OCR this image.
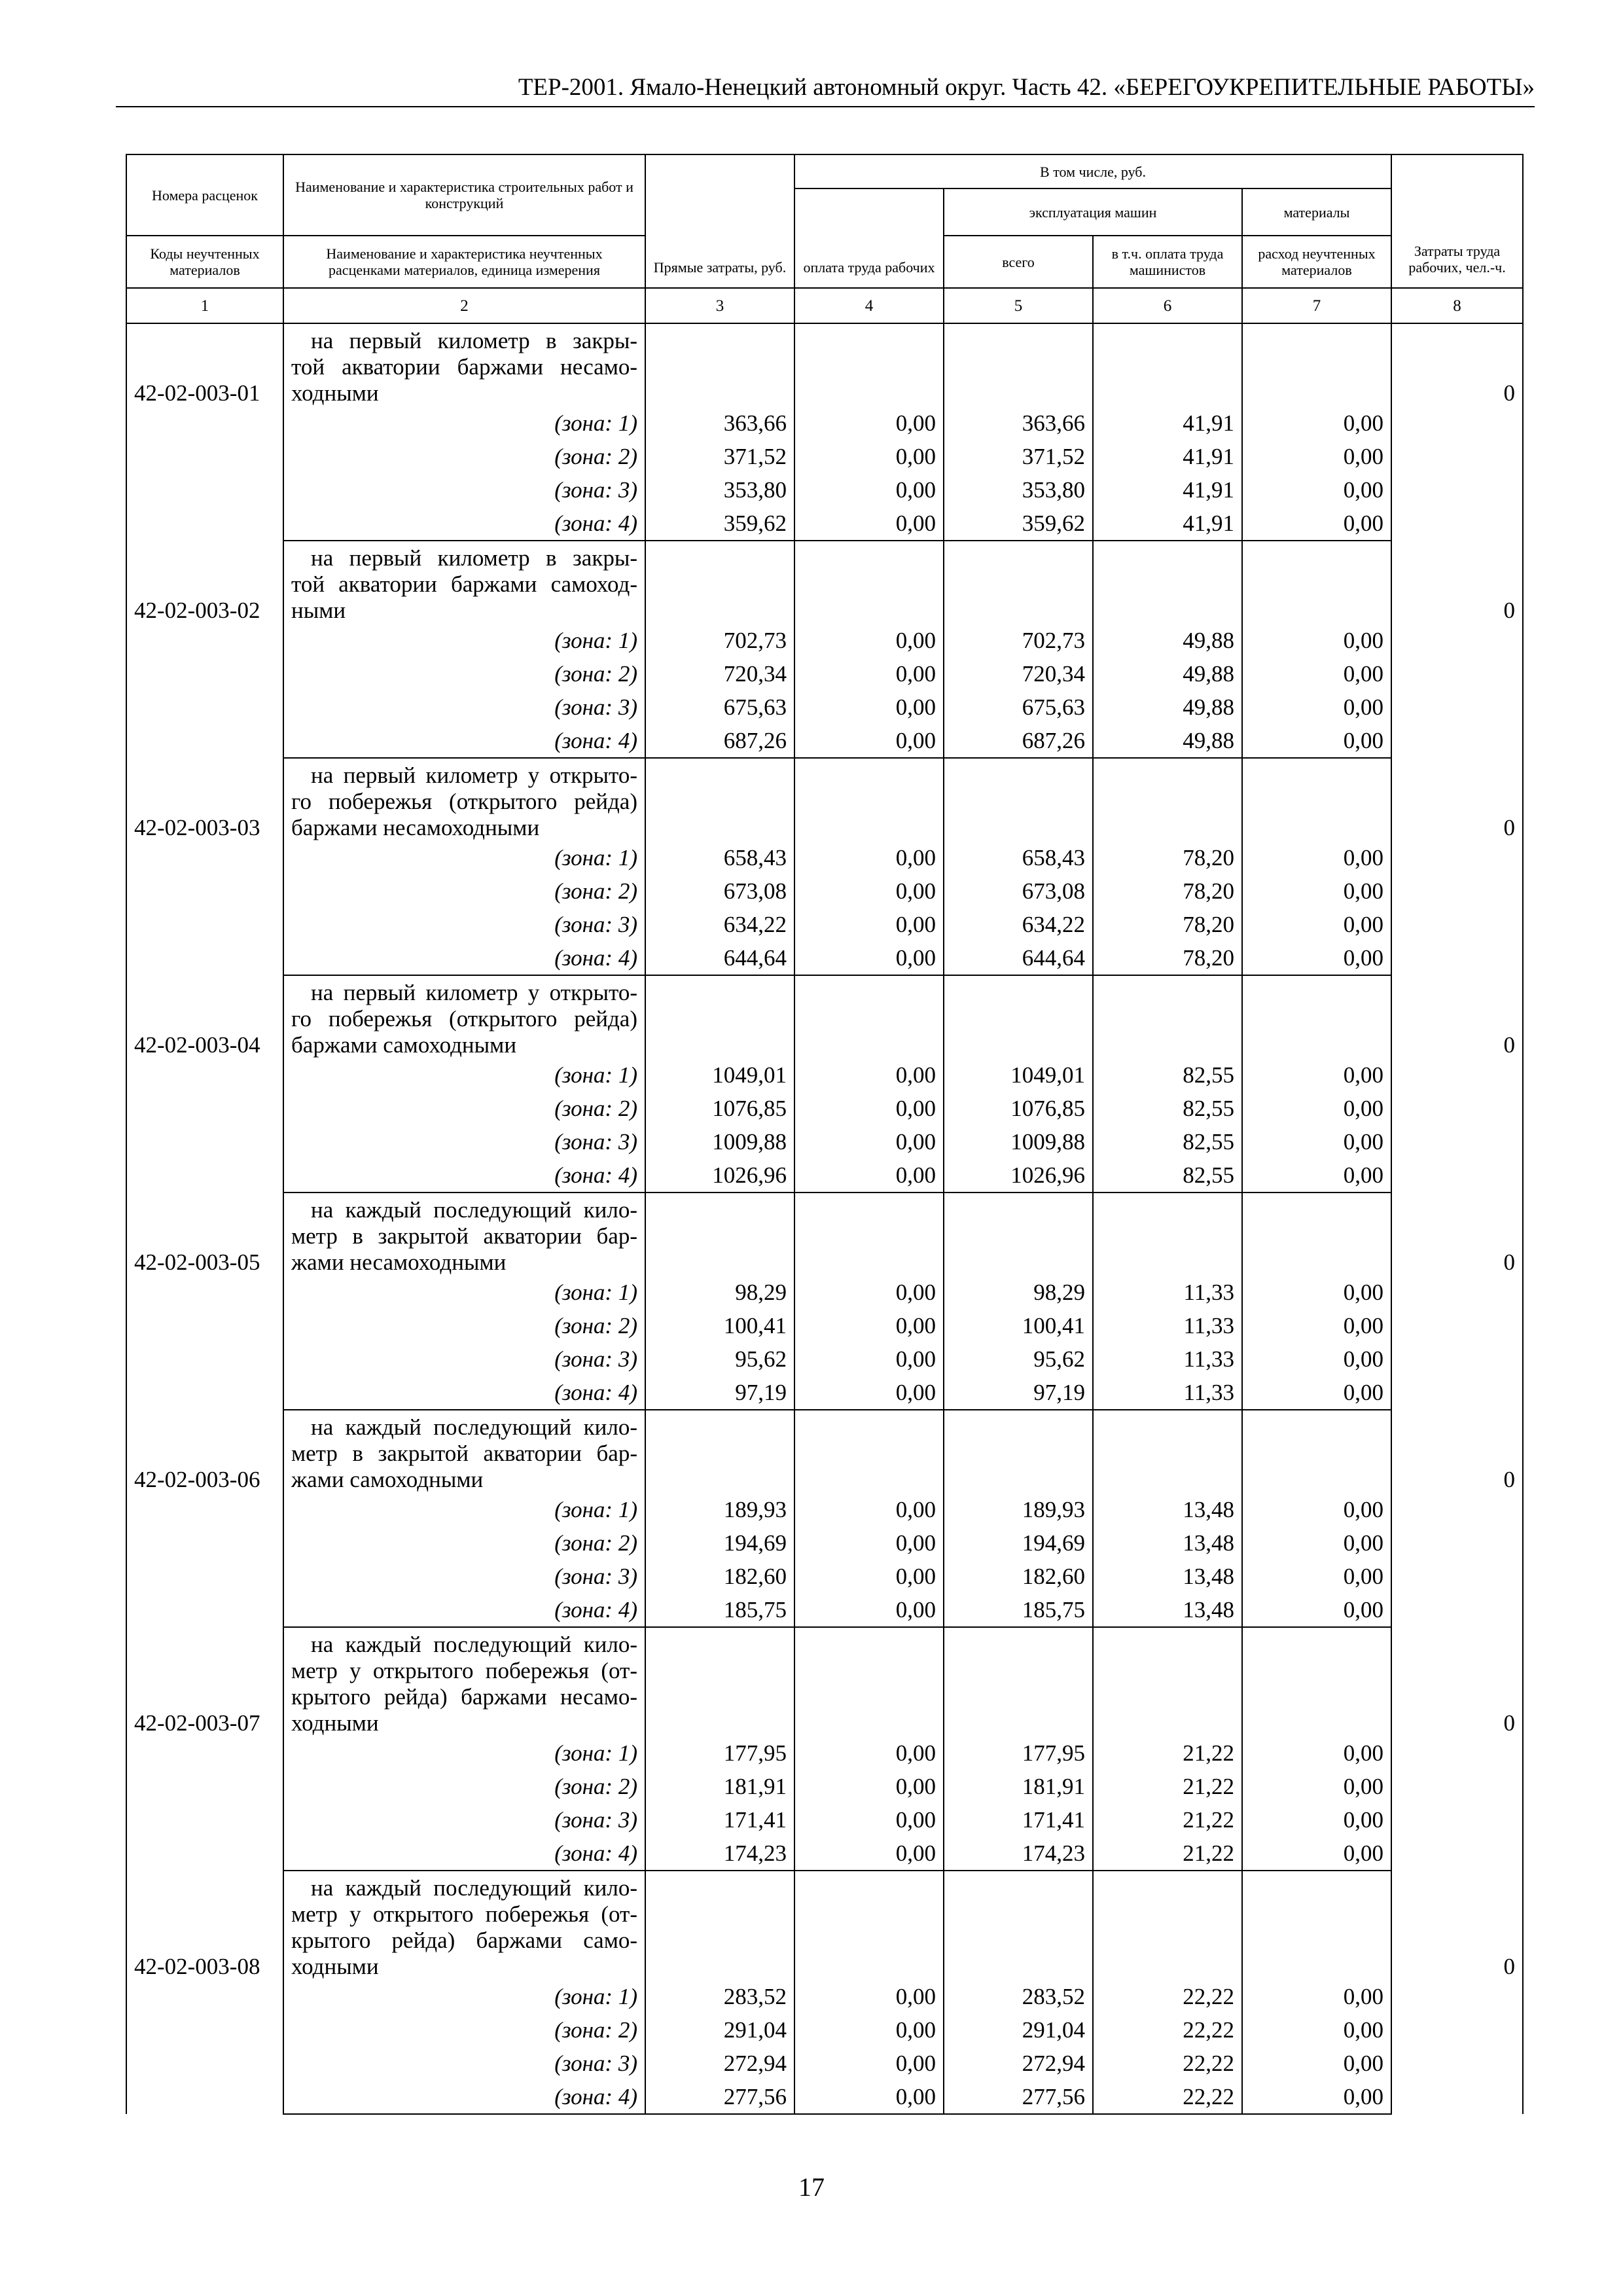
ТЕР-2001. Ямало-Ненецкий автономный округ. Часть 42. «БЕРЕГОУКРЕПИТЕЛЬНЫЕ РАБОТЫ»
Номера расценок	Наименование и характеристика строительных работ и конструкций	Прямые затраты, руб.	В том числе, руб.				Затраты труда рабочих, чел.-ч.
			оплата труда рабочих	эксплуатация машин		материалы	
Коды неучтенных материалов	Наименование и характеристика неучтенных расценками материалов, единица измерения			всего	в т.ч. оплата труда машинистов	расход неучтенных материалов	
1	2	3	4	5	6	7	8
42-02-003-01	на первый километр в закры-						0
	той акватории баржами несамо-						
	ходными						
	(зона: 1)	363,66	0,00	363,66	41,91	0,00	
	(зона: 2)	371,52	0,00	371,52	41,91	0,00	
	(зона: 3)	353,80	0,00	353,80	41,91	0,00	
	(зона: 4)	359,62	0,00	359,62	41,91	0,00	
42-02-003-02	на первый километр в закры-						0
	той акватории баржами самоход-						
	ными						
	(зона: 1)	702,73	0,00	702,73	49,88	0,00	
	(зона: 2)	720,34	0,00	720,34	49,88	0,00	
	(зона: 3)	675,63	0,00	675,63	49,88	0,00	
	(зона: 4)	687,26	0,00	687,26	49,88	0,00	
42-02-003-03	на первый километр у открыто-						0
	го побережья (открытого рейда)						
	баржами несамоходными						
	(зона: 1)	658,43	0,00	658,43	78,20	0,00	
	(зона: 2)	673,08	0,00	673,08	78,20	0,00	
	(зона: 3)	634,22	0,00	634,22	78,20	0,00	
	(зона: 4)	644,64	0,00	644,64	78,20	0,00	
42-02-003-04	на первый километр у открыто-						0
	го побережья (открытого рейда)						
	баржами самоходными						
	(зона: 1)	1049,01	0,00	1049,01	82,55	0,00	
	(зона: 2)	1076,85	0,00	1076,85	82,55	0,00	
	(зона: 3)	1009,88	0,00	1009,88	82,55	0,00	
	(зона: 4)	1026,96	0,00	1026,96	82,55	0,00	
42-02-003-05	на каждый последующий кило-						0
	метр в закрытой акватории бар-						
	жами несамоходными						
	(зона: 1)	98,29	0,00	98,29	11,33	0,00	
	(зона: 2)	100,41	0,00	100,41	11,33	0,00	
	(зона: 3)	95,62	0,00	95,62	11,33	0,00	
	(зона: 4)	97,19	0,00	97,19	11,33	0,00	
42-02-003-06	на каждый последующий кило-						0
	метр в закрытой акватории бар-						
	жами самоходными						
	(зона: 1)	189,93	0,00	189,93	13,48	0,00	
	(зона: 2)	194,69	0,00	194,69	13,48	0,00	
	(зона: 3)	182,60	0,00	182,60	13,48	0,00	
	(зона: 4)	185,75	0,00	185,75	13,48	0,00	
42-02-003-07	на каждый последующий кило-						0
	метр у открытого побережья (от-						
	крытого рейда) баржами несамо-						
	ходными						
	(зона: 1)	177,95	0,00	177,95	21,22	0,00	
	(зона: 2)	181,91	0,00	181,91	21,22	0,00	
	(зона: 3)	171,41	0,00	171,41	21,22	0,00	
	(зона: 4)	174,23	0,00	174,23	21,22	0,00	
42-02-003-08	на каждый последующий кило-						0
	метр у открытого побережья (от-						
	крытого рейда) баржами само-						
	ходными						
	(зона: 1)	283,52	0,00	283,52	22,22	0,00	
	(зона: 2)	291,04	0,00	291,04	22,22	0,00	
	(зона: 3)	272,94	0,00	272,94	22,22	0,00	
	(зона: 4)	277,56	0,00	277,56	22,22	0,00	
17
